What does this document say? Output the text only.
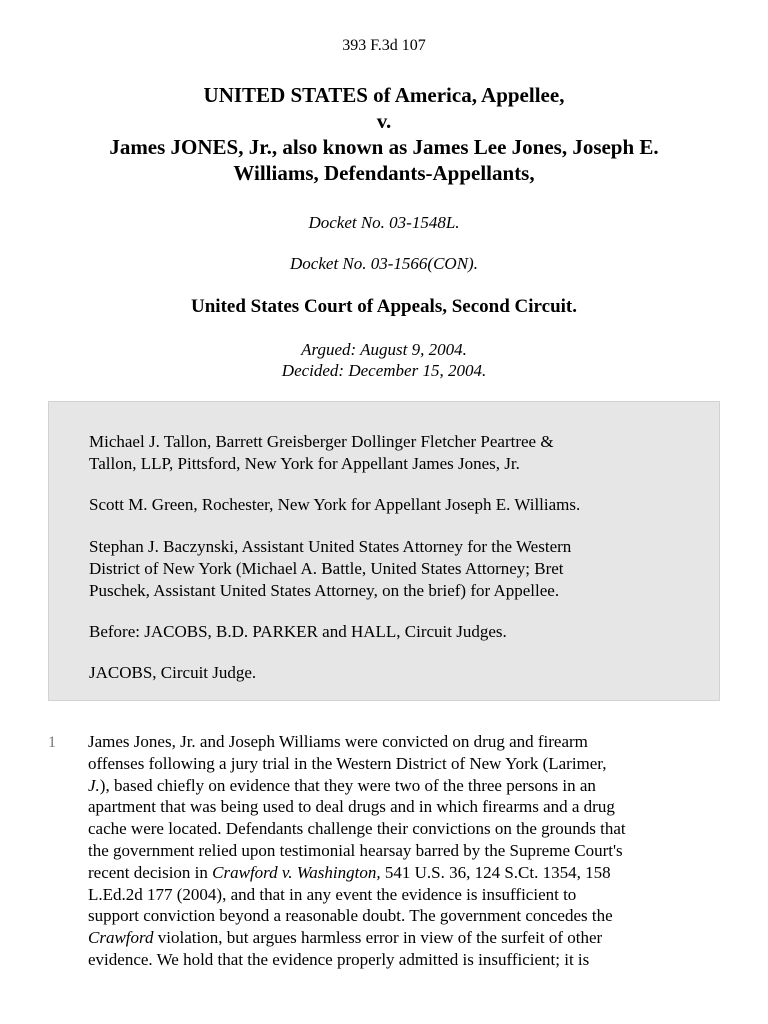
393 F.3d 107
UNITED STATES of America, Appellee,
v.
James JONES, Jr., also known as James Lee Jones, Joseph E.
Williams, Defendants-Appellants,
Docket No. 03-1548L.
Docket No. 03-1566(CON).
United States Court of Appeals, Second Circuit.
Argued: August 9, 2004.
Decided: December 15, 2004.

Michael J. Tallon, Barrett Greisberger Dollinger Fletcher Peartree &
Tallon, LLP, Pittsford, New York for Appellant James Jones, Jr.

Scott M. Green, Rochester, New York for Appellant Joseph E. Williams.

Stephan J. Baczynski, Assistant United States Attorney for the Western
District of New York (Michael A. Battle, United States Attorney; Bret
Puschek, Assistant United States Attorney, on the brief) for Appellee.

Before: JACOBS, B.D. PARKER and HALL, Circuit Judges.

JACOBS, Circuit Judge.

1 James Jones, Jr. and Joseph Williams were convicted on drug and firearm
offenses following a jury trial in the Western District of New York (Larimer,
J.), based chiefly on evidence that they were two of the three persons in an
apartment that was being used to deal drugs and in which firearms and a drug
cache were located. Defendants challenge their convictions on the grounds that
the government relied upon testimonial hearsay barred by the Supreme Court's
recent decision in Crawford v. Washington, 541 U.S. 36, 124 S.Ct. 1354, 158
L.Ed.2d 177 (2004), and that in any event the evidence is insufficient to
support conviction beyond a reasonable doubt. The government concedes the
Crawford violation, but argues harmless error in view of the surfeit of other
evidence. We hold that the evidence properly admitted is insufficient; it is
